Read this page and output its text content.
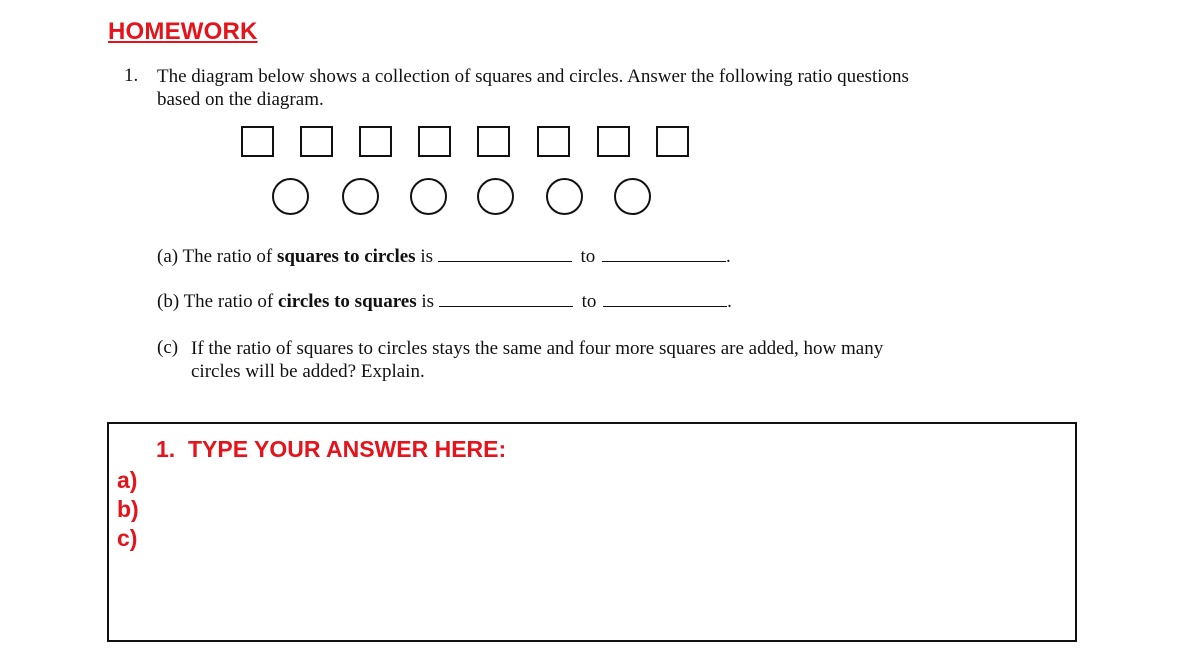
HOMEWORK
1. The diagram below shows a collection of squares and circles. Answer the following ratio questions based on the diagram.
(a) The ratio of squares to circles is	to	.
(b) The ratio of circles to squares is	to	.
(c) If the ratio of squares to circles stays the same and four more squares are added, how many circles will be added? Explain.
1.  TYPE YOUR ANSWER HERE:
a)
b)
c)
